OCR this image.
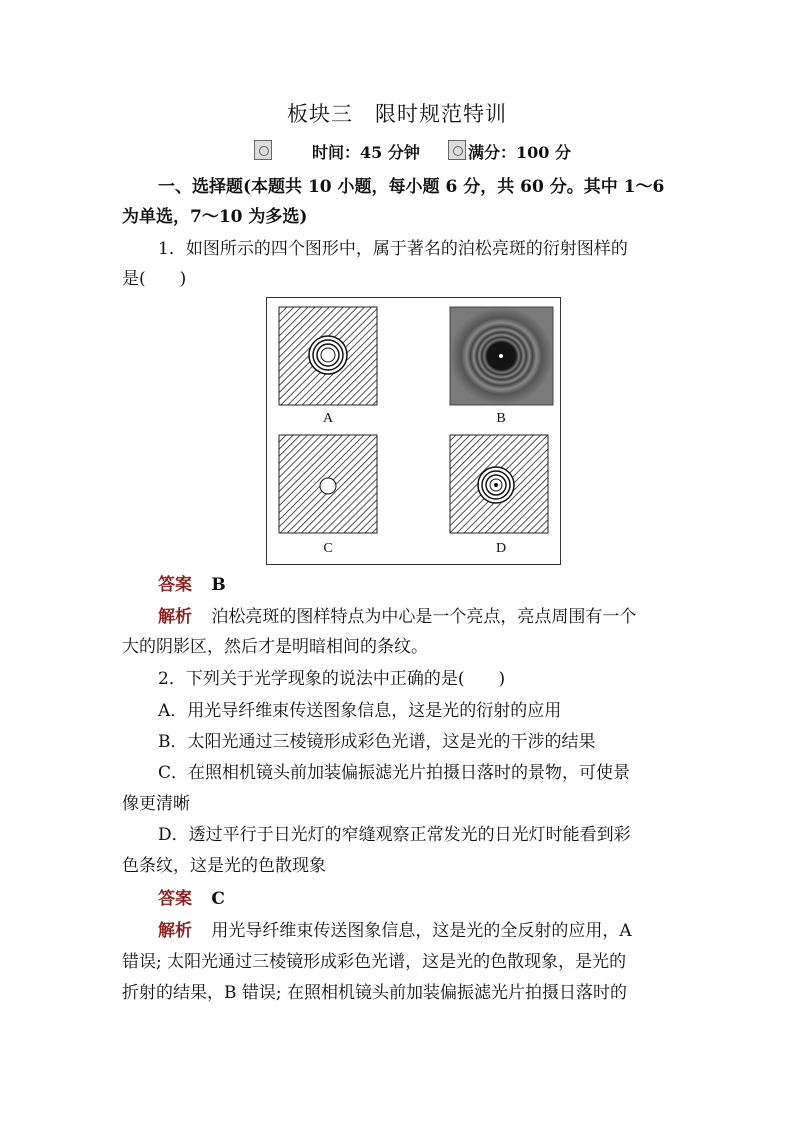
板块三　限时规范特训
时间：45 分钟	满分：100 分
一、选择题(本题共 10 小题，每小题 6 分，共 60 分。其中 1～6
为单选，7～10 为多选)
1．如图所示的四个图形中，属于著名的泊松亮斑的衍射图样的
是(　　)
A	B
C	D
答案 B
解析 泊松亮斑的图样特点为中心是一个亮点，亮点周围有一个
大的阴影区，然后才是明暗相间的条纹。
2．下列关于光学现象的说法中正确的是(　　)
A．用光导纤维束传送图象信息，这是光的衍射的应用
B．太阳光通过三棱镜形成彩色光谱，这是光的干涉的结果
C．在照相机镜头前加装偏振滤光片拍摄日落时的景物，可使景
像更清晰
D．透过平行于日光灯的窄缝观察正常发光的日光灯时能看到彩
色条纹，这是光的色散现象
答案 C
解析 用光导纤维束传送图象信息，这是光的全反射的应用，A
错误; 太阳光通过三棱镜形成彩色光谱，这是光的色散现象，是光的
折射的结果，B 错误; 在照相机镜头前加装偏振滤光片拍摄日落时的
